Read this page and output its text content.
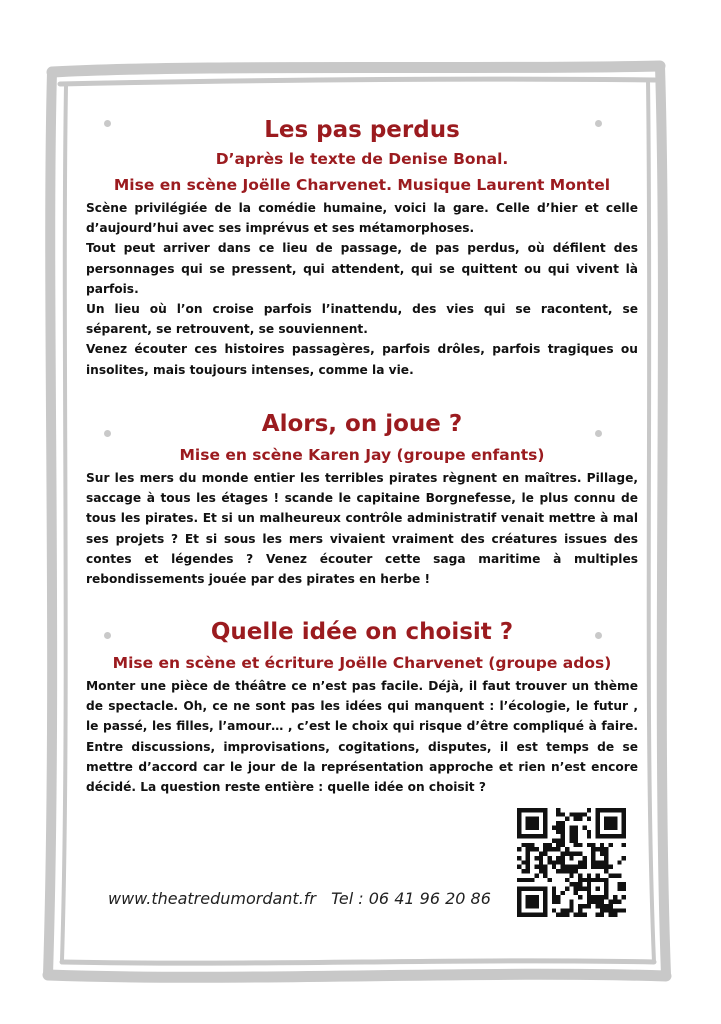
Les pas perdus
D’après le texte de Denise Bonal.
Mise en scène Joëlle Charvenet. Musique Laurent Montel

Scène privilégiée de la comédie humaine, voici la gare. Celle d’hier et celle d’aujourd’hui avec ses imprévus et ses métamorphoses.

Tout peut arriver dans ce lieu de passage, de pas perdus, où défilent des personnages qui se pressent, qui attendent, qui se quittent ou qui vivent là parfois.

Un lieu où l’on croise parfois l’inattendu, des vies qui se racontent, se séparent, se retrouvent, se souviennent.

Venez écouter ces histoires passagères, parfois drôles, parfois tragiques ou insolites, mais toujours intenses, comme la vie.

Alors, on joue ?
Mise en scène Karen Jay (groupe enfants)

Sur les mers du monde entier les terribles pirates règnent en maîtres. Pillage, saccage à tous les étages ! scande le capitaine Borgnefesse, le plus connu de tous les pirates. Et si un malheureux contrôle administratif venait mettre à mal ses projets ? Et si sous les mers vivaient vraiment des créatures issues des contes et légendes ? Venez écouter cette saga maritime à multiples rebondissements jouée par des pirates en herbe !

Quelle idée on choisit ?
Mise en scène et écriture Joëlle Charvenet (groupe ados)

Monter une pièce de théâtre ce n’est pas facile. Déjà, il faut trouver un thème de spectacle. Oh, ce ne sont pas les idées qui manquent : l’écologie, le futur , le passé, les filles, l’amour… , c’est le choix qui risque d’être compliqué à faire. Entre discussions, improvisations, cogitations, disputes, il est temps de se mettre d’accord car le jour de la représentation approche et rien n’est encore décidé. La question reste entière : quelle idée on choisit ?

www.theatredumordant.fr Tel : 06 41 96 20 86
